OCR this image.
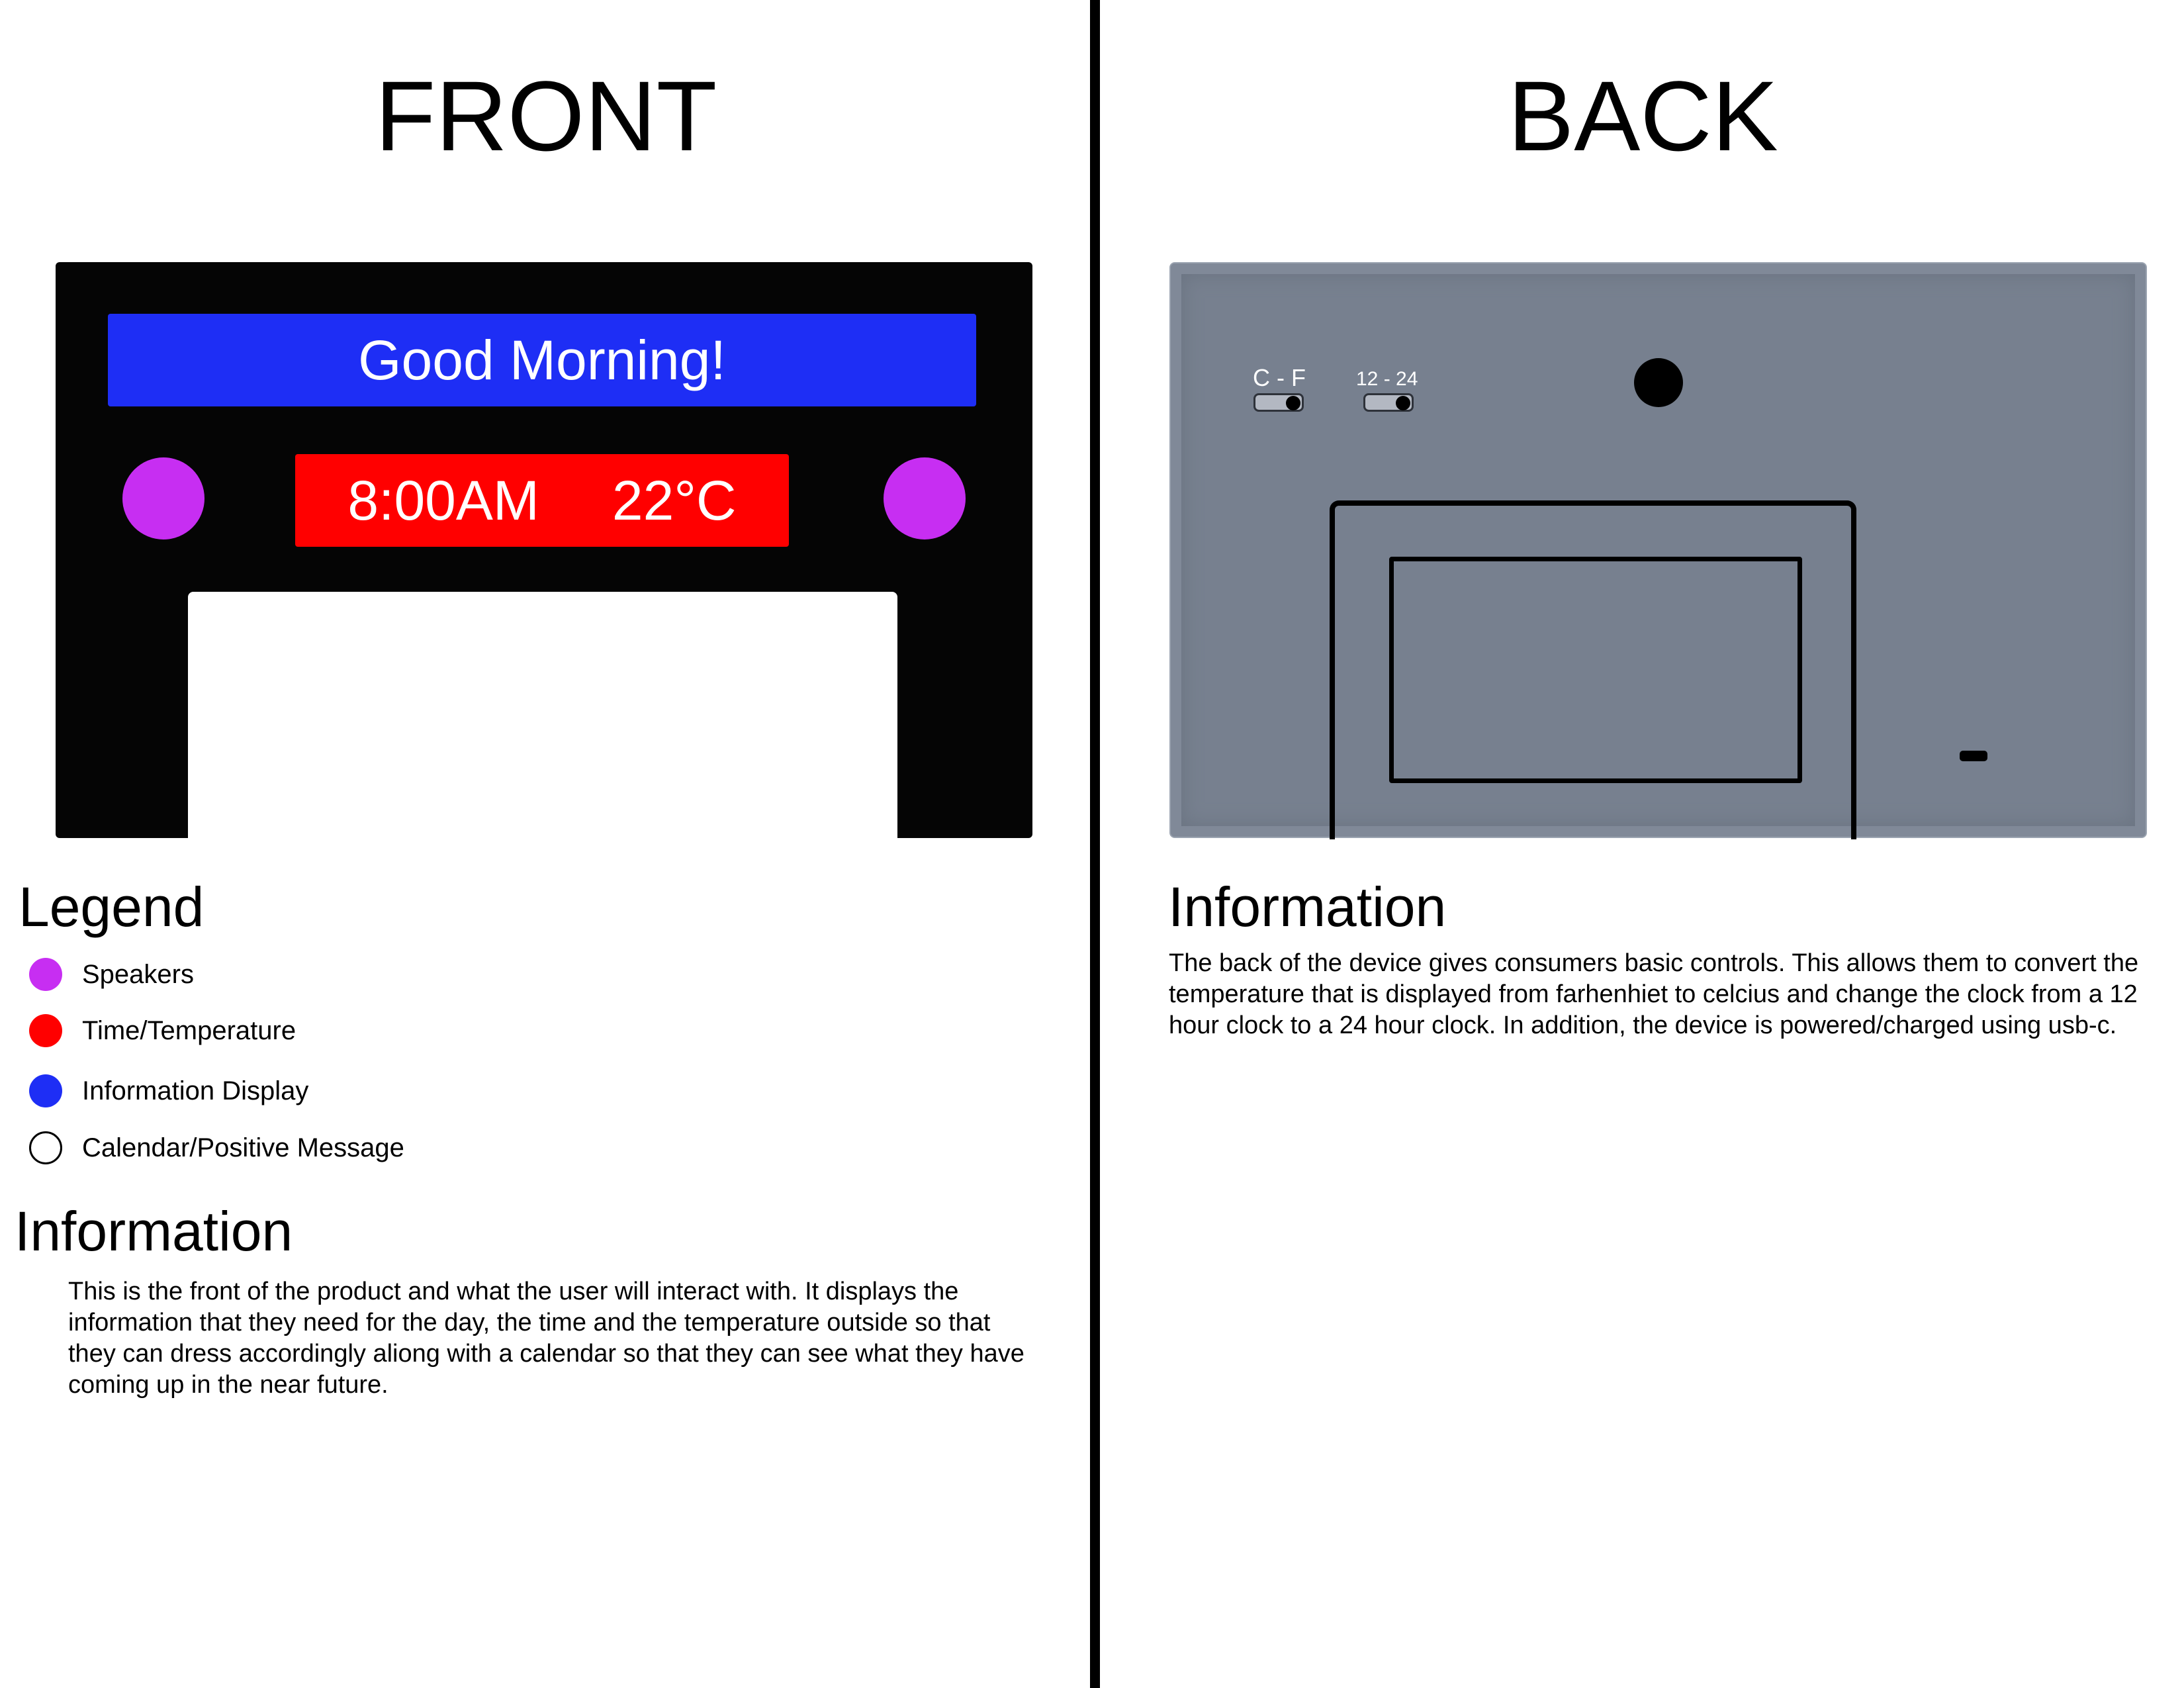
FRONT
Good Morning!
8:00AM 22°C
Legend
Speakers
Time/Temperature
Information Display
Calendar/Positive Message
Information

This is the front of the product and what the user will interact with. It displays the information that they need for the day, the time and the temperature outside so that they can dress accordingly aliong with a calendar so that they can see what they have coming up in the near future.

BACK
C - F	12 - 24
Information

The back of the device gives consumers basic controls. This allows them to convert the temperature that is displayed from farhenhiet to celcius and change the clock from a 12 hour clock to a 24 hour clock. In addition, the device is powered/charged using usb-c.
